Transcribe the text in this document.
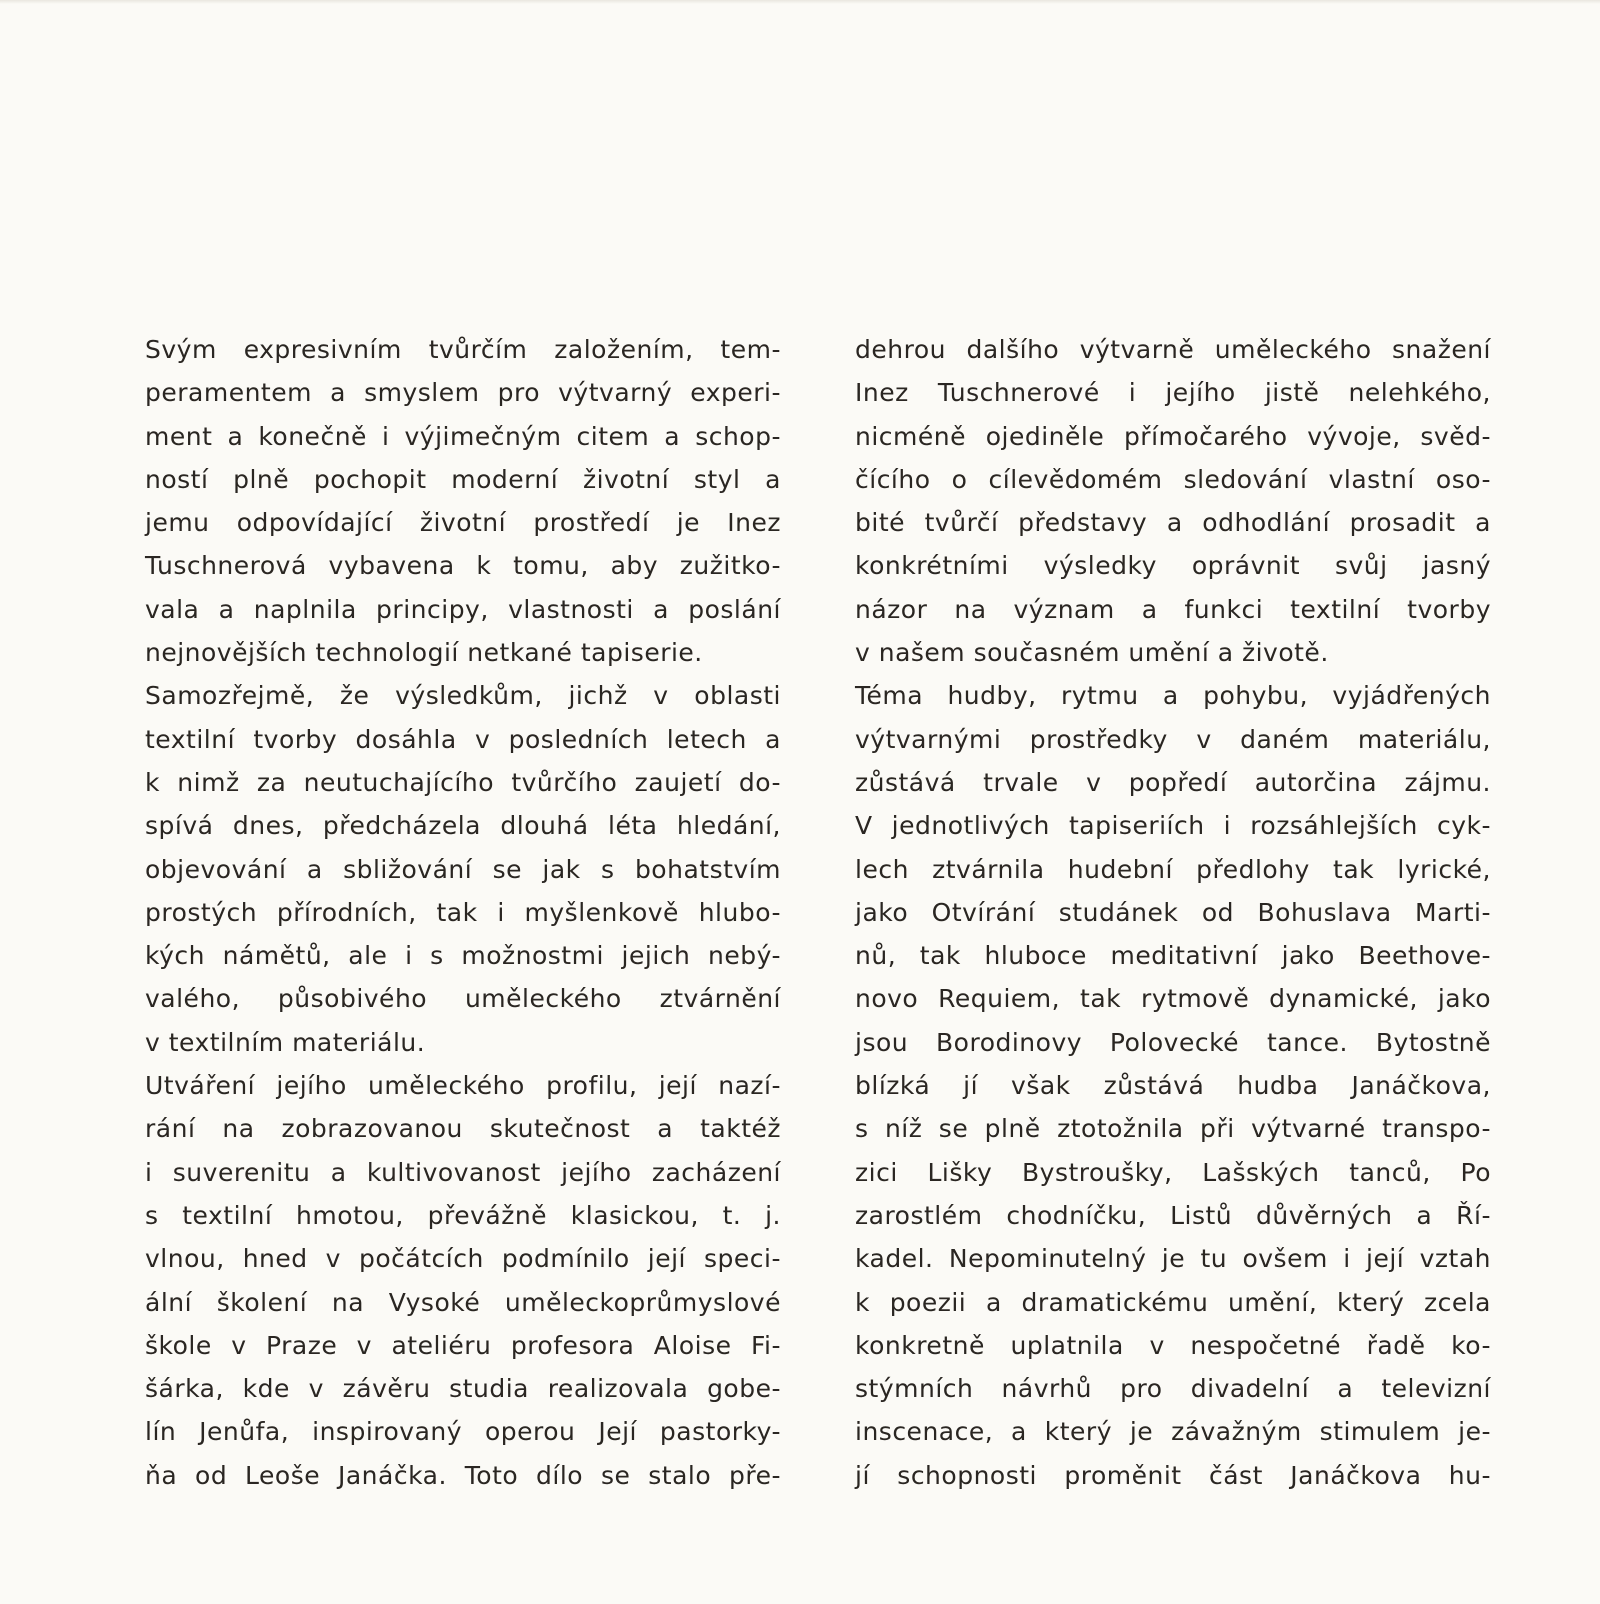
Svým expresivním tvůrčím založením, tem-
peramentem a smyslem pro výtvarný experi-
ment a konečně i výjimečným citem a schop-
ností plně pochopit moderní životní styl a
jemu odpovídající životní prostředí je Inez
Tuschnerová vybavena k tomu, aby zužitko-
vala a naplnila principy, vlastnosti a poslání
nejnovějších technologií netkané tapiserie.
Samozřejmě, že výsledkům, jichž v oblasti
textilní tvorby dosáhla v posledních letech a
k nimž za neutuchajícího tvůrčího zaujetí do-
spívá dnes, předcházela dlouhá léta hledání,
objevování a sbližování se jak s bohatstvím
prostých přírodních, tak i myšlenkově hlubo-
kých námětů, ale i s možnostmi jejich nebý-
valého, působivého uměleckého ztvárnění
v textilním materiálu.
Utváření jejího uměleckého profilu, její nazí-
rání na zobrazovanou skutečnost a taktéž
i suverenitu a kultivovanost jejího zacházení
s textilní hmotou, převážně klasickou, t. j.
vlnou, hned v počátcích podmínilo její speci-
ální školení na Vysoké uměleckoprůmyslové
škole v Praze v ateliéru profesora Aloise Fi-
šárka, kde v závěru studia realizovala gobe-
lín Jenůfa, inspirovaný operou Její pastorky-
ňa od Leoše Janáčka. Toto dílo se stalo pře-
dehrou dalšího výtvarně uměleckého snažení
Inez Tuschnerové i jejího jistě nelehkého,
nicméně ojediněle přímočarého vývoje, svěd-
čícího o cílevědomém sledování vlastní oso-
bité tvůrčí představy a odhodlání prosadit a
konkrétními výsledky oprávnit svůj jasný
názor na význam a funkci textilní tvorby
v našem současném umění a životě.
Téma hudby, rytmu a pohybu, vyjádřených
výtvarnými prostředky v daném materiálu,
zůstává trvale v popředí autorčina zájmu.
V jednotlivých tapiseriích i rozsáhlejších cyk-
lech ztvárnila hudební předlohy tak lyrické,
jako Otvírání studánek od Bohuslava Marti-
nů, tak hluboce meditativní jako Beethove-
novo Requiem, tak rytmově dynamické, jako
jsou Borodinovy Polovecké tance. Bytostně
blízká jí však zůstává hudba Janáčkova,
s níž se plně ztotožnila při výtvarné transpo-
zici Lišky Bystroušky, Lašských tanců, Po
zarostlém chodníčku, Listů důvěrných a Ří-
kadel. Nepominutelný je tu ovšem i její vztah
k poezii a dramatickému umění, který zcela
konkretně uplatnila v nespočetné řadě ko-
stýmních návrhů pro divadelní a televizní
inscenace, a který je závažným stimulem je-
jí schopnosti proměnit část Janáčkova hu-
